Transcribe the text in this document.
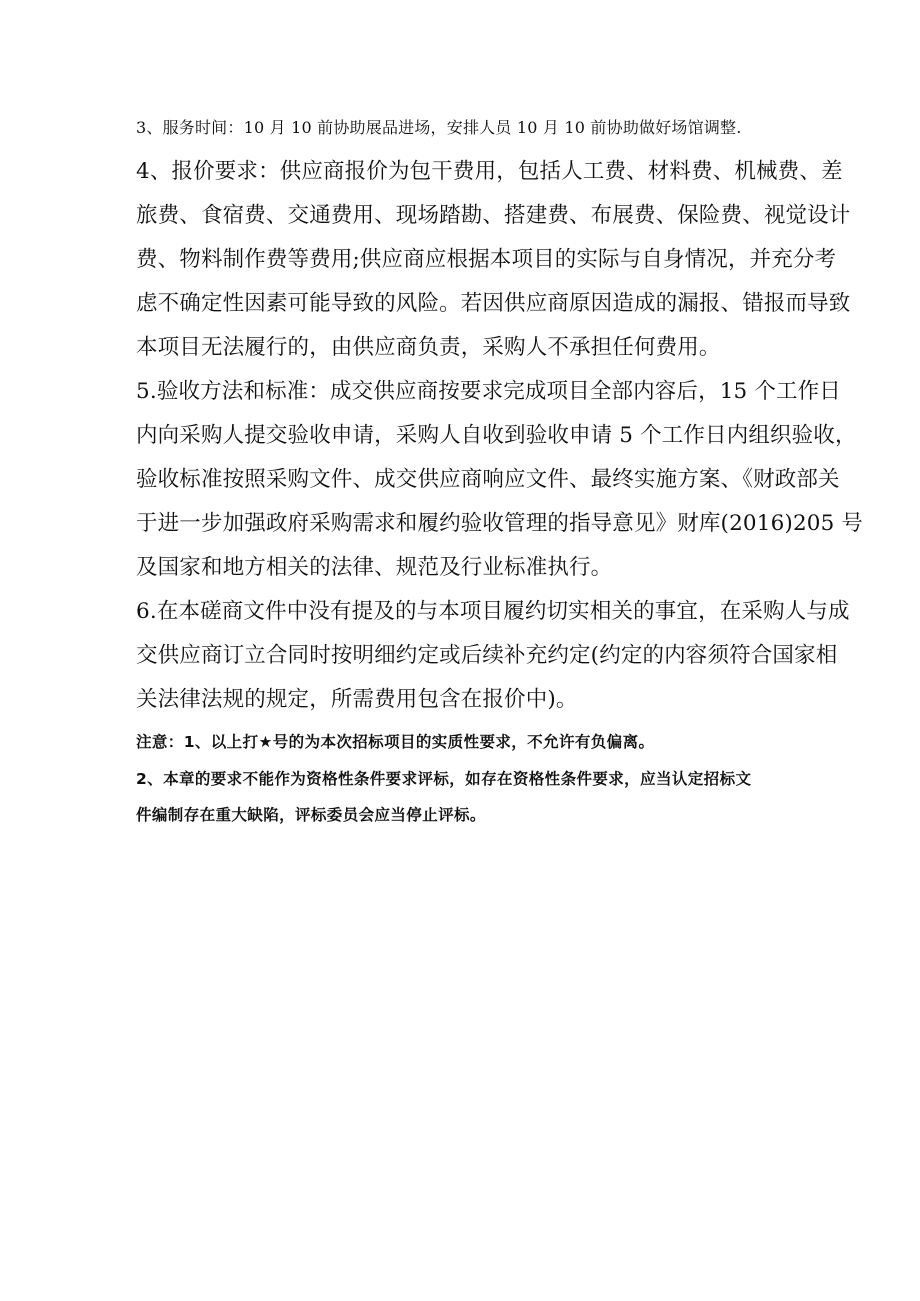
3、服务时间：10 月 10 前协助展品进场，安排人员 10 月 10 前协助做好场馆调整.
4、报价要求：供应商报价为包干费用，包括人工费、材料费、机械费、差
旅费、食宿费、交通费用、现场踏勘、搭建费、布展费、保险费、视觉设计
费、物料制作费等费用;供应商应根据本项目的实际与自身情况，并充分考
虑不确定性因素可能导致的风险。若因供应商原因造成的漏报、错报而导致
本项目无法履行的，由供应商负责，采购人不承担任何费用。
5.验收方法和标准：成交供应商按要求完成项目全部内容后，15 个工作日
内向采购人提交验收申请，采购人自收到验收申请 5 个工作日内组织验收，
验收标准按照采购文件、成交供应商响应文件、最终实施方案、《财政部关
于进一步加强政府采购需求和履约验收管理的指导意见》财库(2016)205 号
及国家和地方相关的法律、规范及行业标准执行。
6.在本磋商文件中没有提及的与本项目履约切实相关的事宜，在采购人与成
交供应商订立合同时按明细约定或后续补充约定(约定的内容须符合国家相
关法律法规的规定，所需费用包含在报价中)。
注意：1、以上打★号的为本次招标项目的实质性要求，不允许有负偏离。
2、本章的要求不能作为资格性条件要求评标，如存在资格性条件要求，应当认定招标文
件编制存在重大缺陷，评标委员会应当停止评标。
